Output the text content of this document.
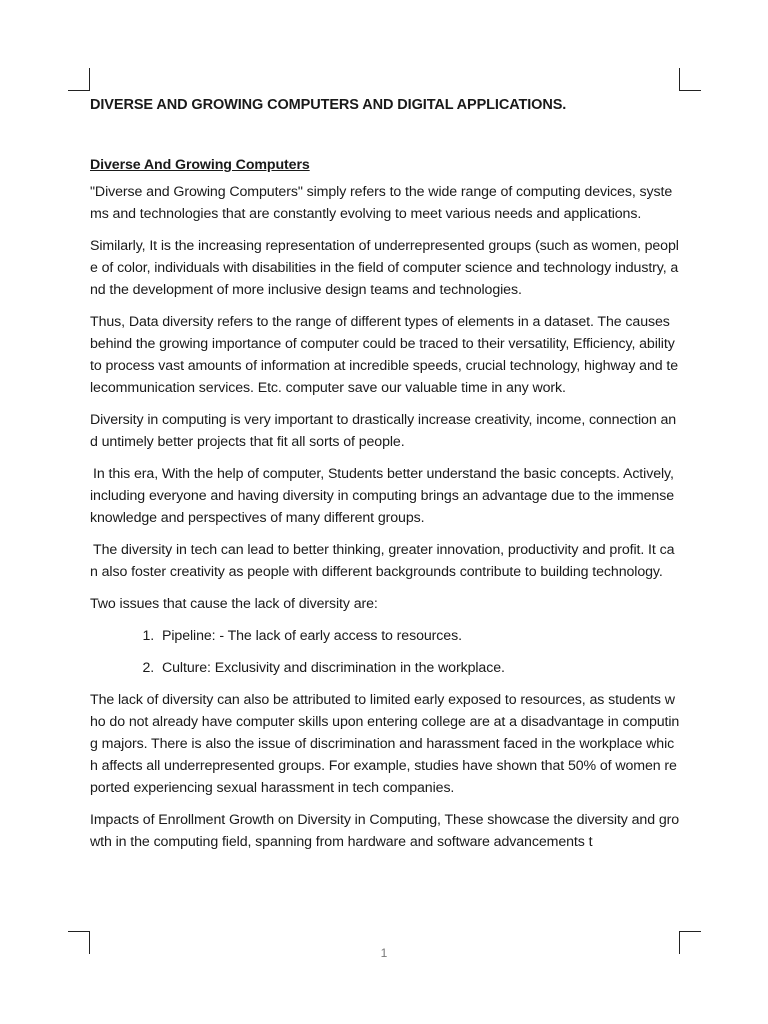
DIVERSE AND GROWING COMPUTERS AND DIGITAL APPLICATIONS.
Diverse And Growing Computers

"Diverse and Growing Computers" simply refers to the wide range of computing devices, systems and technologies that are constantly evolving to meet various needs and applications.

Similarly, It is the increasing representation of underrepresented groups (such as women, people of color, individuals with disabilities in the field of computer science and technology industry, and the development of more inclusive design teams and technologies.

Thus, Data diversity refers to the range of different types of elements in a dataset. The causes behind the growing importance of computer could be traced to their versatility, Efficiency, ability to process vast amounts of information at incredible speeds, crucial technology, highway and telecommunication services. Etc. computer save our valuable time in any work.

Diversity in computing is very important to drastically increase creativity, income, connection and untimely better projects that fit all sorts of people.

In this era, With the help of computer, Students better understand the basic concepts. Actively, including everyone and having diversity in computing brings an advantage due to the immense knowledge and perspectives of many different groups.

The diversity in tech can lead to better thinking, greater innovation, productivity and profit. It can also foster creativity as people with different backgrounds contribute to building technology.

Two issues that cause the lack of diversity are:

1. Pipeline: - The lack of early access to resources.
2. Culture: Exclusivity and discrimination in the workplace.

The lack of diversity can also be attributed to limited early exposed to resources, as students who do not already have computer skills upon entering college are at a disadvantage in computing majors. There is also the issue of discrimination and harassment faced in the workplace which affects all underrepresented groups. For example, studies have shown that 50% of women reported experiencing sexual harassment in tech companies.

Impacts of Enrollment Growth on Diversity in Computing, These showcase the diversity and growth in the computing field, spanning from hardware and software advancements t

1
